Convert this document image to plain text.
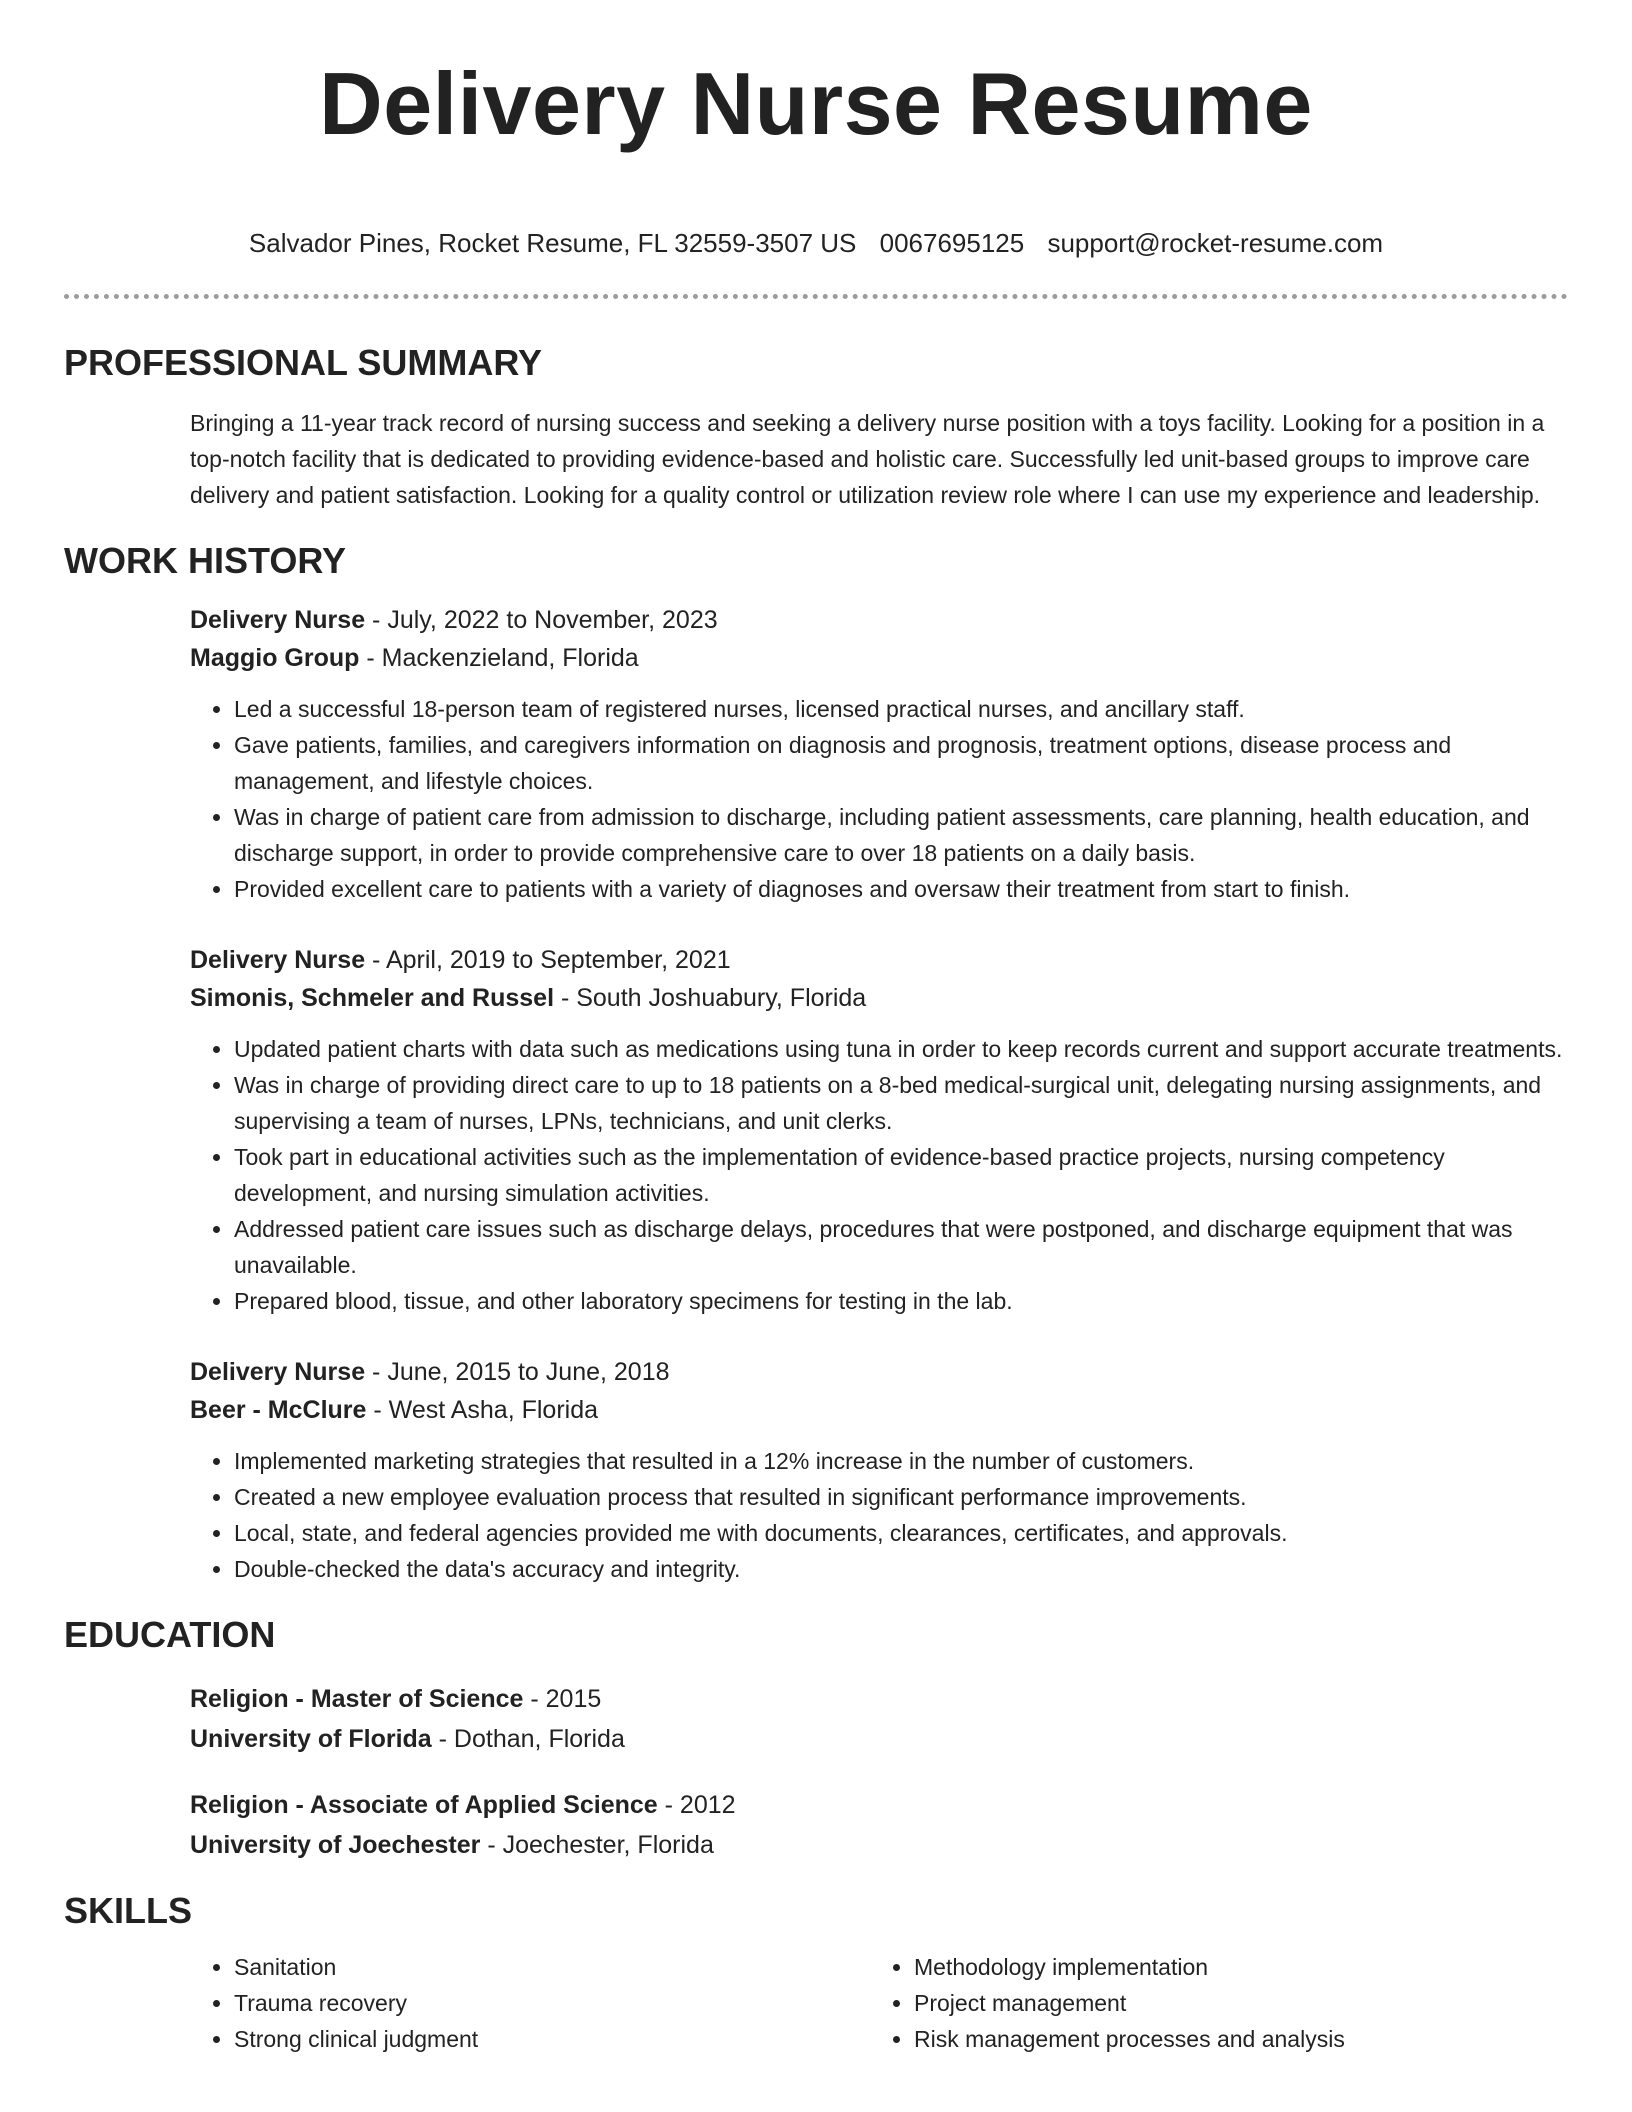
Delivery Nurse Resume
Salvador Pines, Rocket Resume, FL 32559-3507 US 0067695125 support@rocket-resume.com
PROFESSIONAL SUMMARY

Bringing a 11-year track record of nursing success and seeking a delivery nurse position with a toys facility. Looking for a position in a top-notch facility that is dedicated to providing evidence-based and holistic care. Successfully led unit-based groups to improve care delivery and patient satisfaction. Looking for a quality control or utilization review role where I can use my experience and leadership.

WORK HISTORY
Delivery Nurse - July, 2022 to November, 2023
Maggio Group - Mackenzieland, Florida
• Led a successful 18-person team of registered nurses, licensed practical nurses, and ancillary staff.
• Gave patients, families, and caregivers information on diagnosis and prognosis, treatment options, disease process and management, and lifestyle choices.
• Was in charge of patient care from admission to discharge, including patient assessments, care planning, health education, and discharge support, in order to provide comprehensive care to over 18 patients on a daily basis.
• Provided excellent care to patients with a variety of diagnoses and oversaw their treatment from start to finish.
Delivery Nurse - April, 2019 to September, 2021
Simonis, Schmeler and Russel - South Joshuabury, Florida
• Updated patient charts with data such as medications using tuna in order to keep records current and support accurate treatments.
• Was in charge of providing direct care to up to 18 patients on a 8-bed medical-surgical unit, delegating nursing assignments, and supervising a team of nurses, LPNs, technicians, and unit clerks.
• Took part in educational activities such as the implementation of evidence-based practice projects, nursing competency development, and nursing simulation activities.
• Addressed patient care issues such as discharge delays, procedures that were postponed, and discharge equipment that was unavailable.
• Prepared blood, tissue, and other laboratory specimens for testing in the lab.
Delivery Nurse - June, 2015 to June, 2018
Beer - McClure - West Asha, Florida
• Implemented marketing strategies that resulted in a 12% increase in the number of customers.
• Created a new employee evaluation process that resulted in significant performance improvements.
• Local, state, and federal agencies provided me with documents, clearances, certificates, and approvals.
• Double-checked the data's accuracy and integrity.
EDUCATION
Religion - Master of Science - 2015
University of Florida - Dothan, Florida
Religion - Associate of Applied Science - 2012
University of Joechester - Joechester, Florida
SKILLS
• Sanitation
• Trauma recovery
• Strong clinical judgment
• Methodology implementation
• Project management
• Risk management processes and analysis
